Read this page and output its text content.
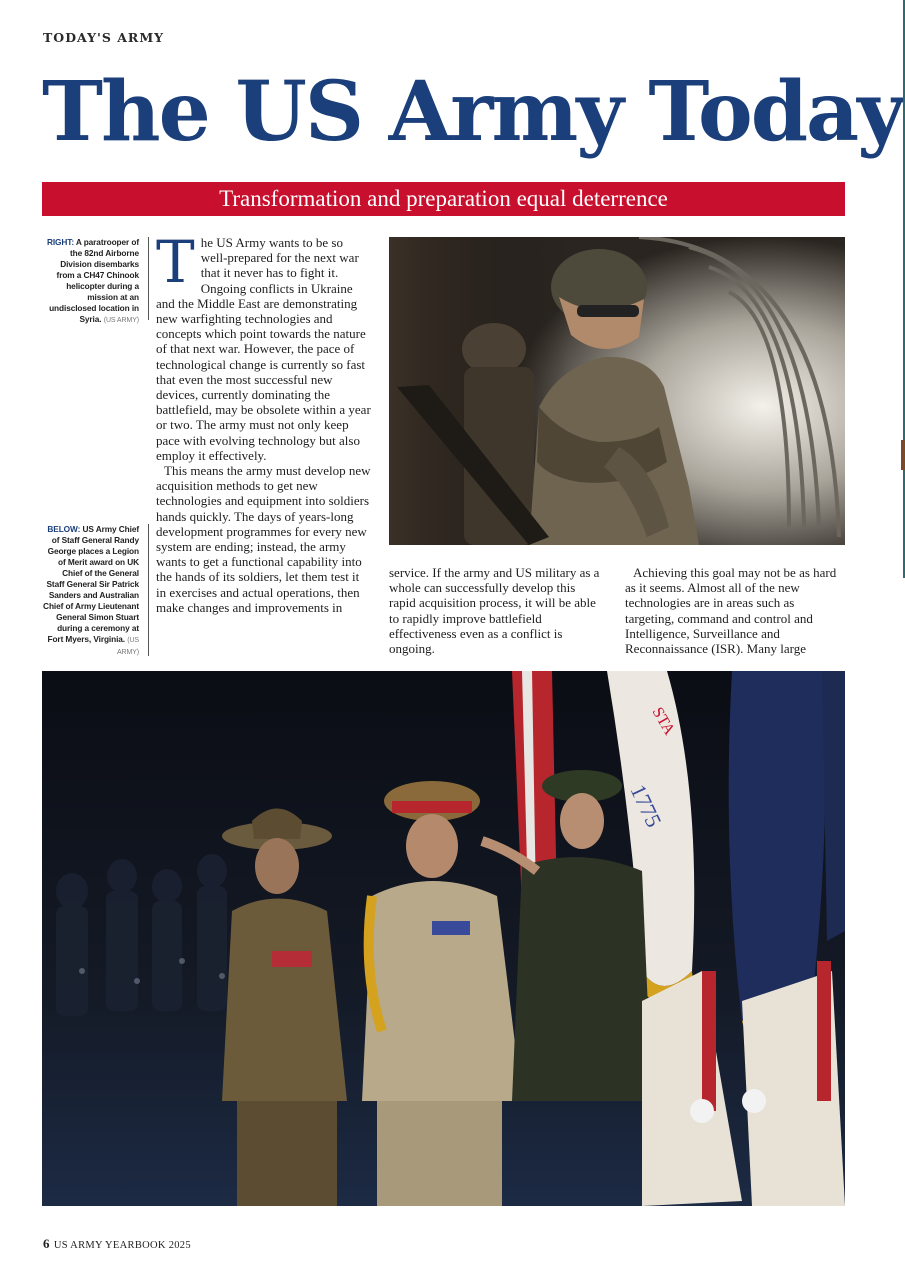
TODAY'S ARMY
The US Army Today
Transformation and preparation equal deterrence
RIGHT: A paratrooper of the 82nd Airborne Division disembarks from a CH47 Chinook helicopter during a mission at an undisclosed location in Syria. (US ARMY)
BELOW: US Army Chief of Staff General Randy George places a Legion of Merit award on UK Chief of the General Staff General Sir Patrick Sanders and Australian Chief of Army Lieutenant General Simon Stuart during a ceremony at Fort Myers, Virginia. (US ARMY)

The US Army wants to be so well-prepared for the next war that it never has to fight it. Ongoing conflicts in Ukraine and the Middle East are demonstrating new warfighting technologies and concepts which point towards the nature of that next war. However, the pace of technological change is currently so fast that even the most successful new devices, currently dominating the battlefield, may be obsolete within a year or two. The army must not only keep pace with evolving technology but also employ it effectively.

This means the army must develop new acquisition methods to get new technologies and equipment into soldiers hands quickly. The days of years-long development programmes for every new system are ending; instead, the army wants to get a functional capability into the hands of its soldiers, let them test it in exercises and actual operations, then make changes and improvements in

service. If the army and US military as a whole can successfully develop this rapid acquisition process, it will be able to rapidly improve battlefield effectiveness even as a conflict is ongoing.

Achieving this goal may not be as hard as it seems. Almost all of the new technologies are in areas such as targeting, command and control and Intelligence, Surveillance and Reconnaissance (ISR). Many large

1775
STA
6 US ARMY YEARBOOK 2025
